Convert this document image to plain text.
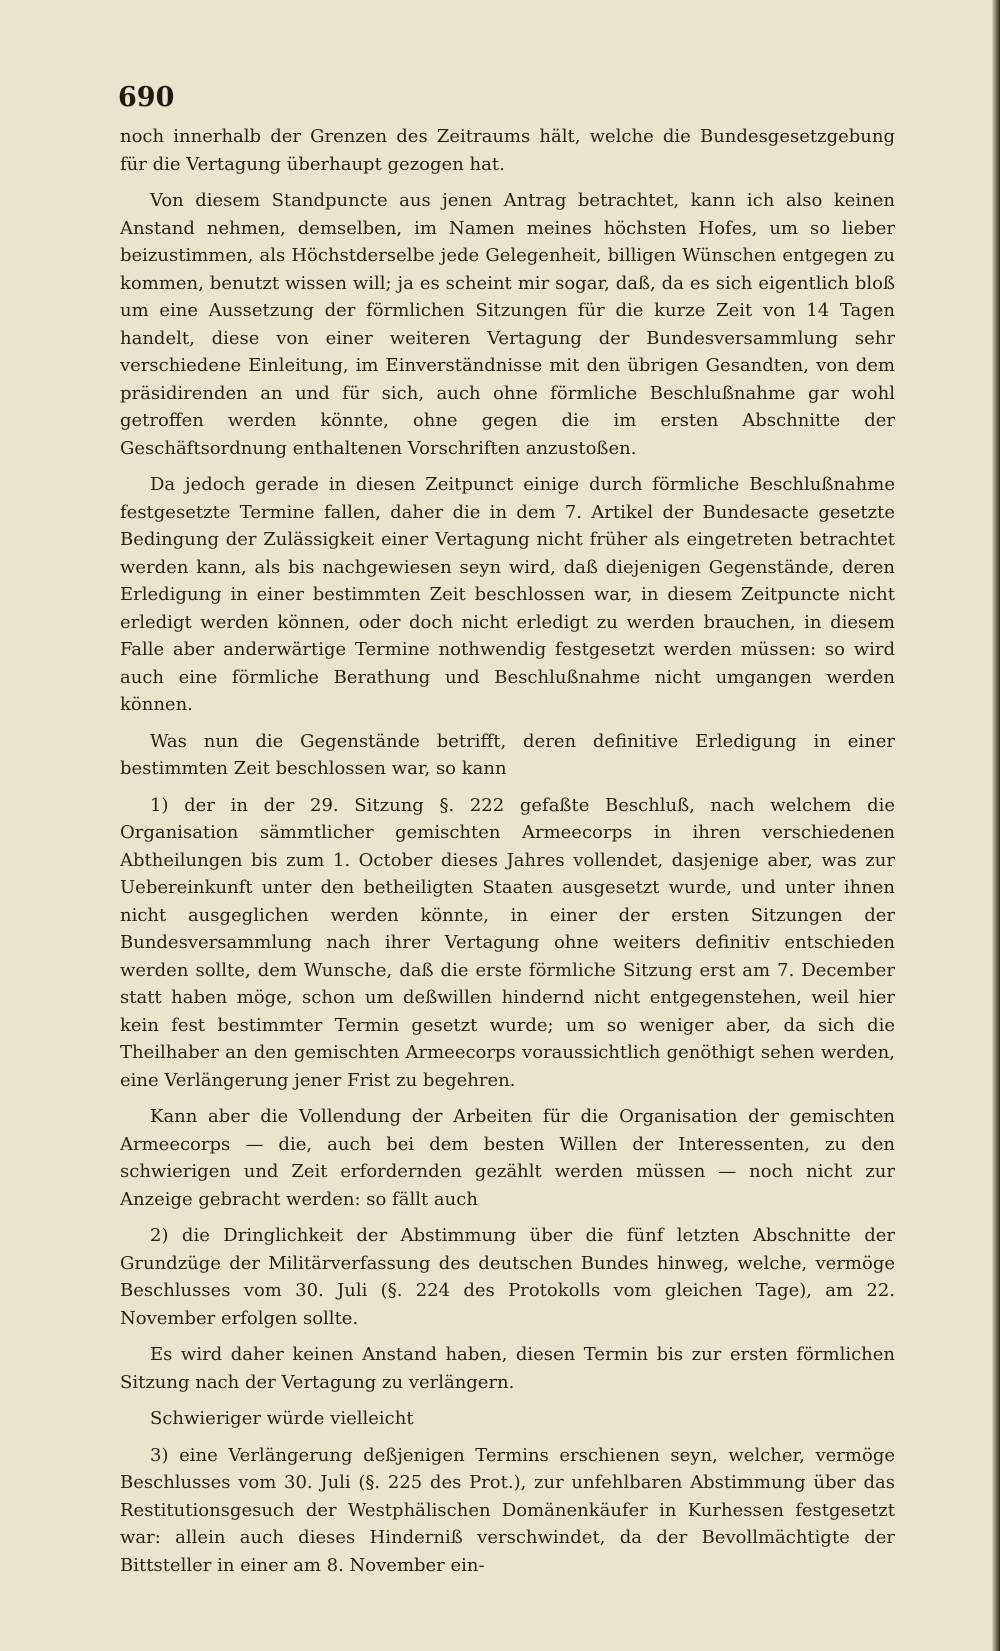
690

noch innerhalb der Grenzen des Zeitraums hält, welche die Bundesgesetzgebung für die Vertagung überhaupt gezogen hat.

Von diesem Standpuncte aus jenen Antrag betrachtet, kann ich also keinen Anstand nehmen, demselben, im Namen meines höchsten Hofes, um so lieber beizustimmen, als Höchstderselbe jede Gelegenheit, billigen Wünschen entgegen zu kommen, benutzt wissen will; ja es scheint mir sogar, daß, da es sich eigentlich bloß um eine Aussetzung der förmlichen Sitzungen für die kurze Zeit von 14 Tagen handelt, diese von einer weiteren Vertagung der Bundesversammlung sehr verschiedene Einleitung, im Einverständnisse mit den übrigen Gesandten, von dem präsidirenden an und für sich, auch ohne förmliche Beschlußnahme gar wohl getroffen werden könnte, ohne gegen die im ersten Abschnitte der Geschäftsordnung enthaltenen Vorschriften anzustoßen.

Da jedoch gerade in diesen Zeitpunct einige durch förmliche Beschlußnahme festgesetzte Termine fallen, daher die in dem 7. Artikel der Bundesacte gesetzte Bedingung der Zulässigkeit einer Vertagung nicht früher als eingetreten betrachtet werden kann, als bis nachgewiesen seyn wird, daß diejenigen Gegenstände, deren Erledigung in einer bestimmten Zeit beschlossen war, in diesem Zeitpuncte nicht erledigt werden können, oder doch nicht erledigt zu werden brauchen, in diesem Falle aber anderwärtige Termine nothwendig festgesetzt werden müssen: so wird auch eine förmliche Berathung und Beschlußnahme nicht umgangen werden können.

Was nun die Gegenstände betrifft, deren definitive Erledigung in einer bestimmten Zeit beschlossen war, so kann

1) der in der 29. Sitzung §. 222 gefaßte Beschluß, nach welchem die Organisation sämmtlicher gemischten Armeecorps in ihren verschiedenen Abtheilungen bis zum 1. October dieses Jahres vollendet, dasjenige aber, was zur Uebereinkunft unter den betheiligten Staaten ausgesetzt wurde, und unter ihnen nicht ausgeglichen werden könnte, in einer der ersten Sitzungen der Bundesversammlung nach ihrer Vertagung ohne weiters definitiv entschieden werden sollte, dem Wunsche, daß die erste förmliche Sitzung erst am 7. December statt haben möge, schon um deßwillen hindernd nicht entgegenstehen, weil hier kein fest bestimmter Termin gesetzt wurde; um so weniger aber, da sich die Theilhaber an den gemischten Armeecorps voraussichtlich genöthigt sehen werden, eine Verlängerung jener Frist zu begehren.

Kann aber die Vollendung der Arbeiten für die Organisation der gemischten Armeecorps — die, auch bei dem besten Willen der Interessenten, zu den schwierigen und Zeit erfordernden gezählt werden müssen — noch nicht zur Anzeige gebracht werden: so fällt auch

2) die Dringlichkeit der Abstimmung über die fünf letzten Abschnitte der Grundzüge der Militärverfassung des deutschen Bundes hinweg, welche, vermöge Beschlusses vom 30. Juli (§. 224 des Protokolls vom gleichen Tage), am 22. November erfolgen sollte.

Es wird daher keinen Anstand haben, diesen Termin bis zur ersten förmlichen Sitzung nach der Vertagung zu verlängern.

Schwieriger würde vielleicht

3) eine Verlängerung deßjenigen Termins erschienen seyn, welcher, vermöge Beschlusses vom 30. Juli (§. 225 des Prot.), zur unfehlbaren Abstimmung über das Restitutionsgesuch der Westphälischen Domänenkäufer in Kurhessen festgesetzt war: allein auch dieses Hinderniß verschwindet, da der Bevollmächtigte der Bittsteller in einer am 8. November ein-
